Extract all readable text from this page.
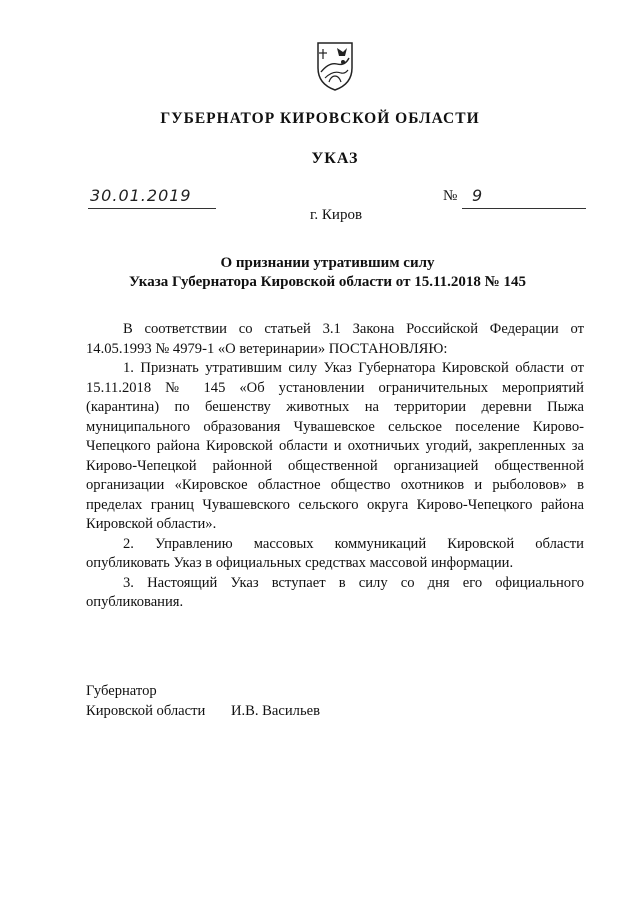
ГУБЕРНАТОР КИРОВСКОЙ ОБЛАСТИ
УКАЗ
30.01.2019	№ 9
г. Киров
О признании утратившим силу
Указа Губернатора Кировской области от 15.11.2018 № 145

В соответствии со статьей 3.1 Закона Российской Федерации от 14.05.1993 № 4979-1 «О ветеринарии» ПОСТАНОВЛЯЮ:

1. Признать утратившим силу Указ Губернатора Кировской области от 15.11.2018 № 145 «Об установлении ограничительных мероприятий (карантина) по бешенству животных на территории деревни Пыжа муниципального образования Чувашевское сельское поселение Кирово-Чепецкого района Кировской области и охотничьих угодий, закрепленных за Кирово-Чепецкой районной общественной организацией общественной организации «Кировское областное общество охотников и рыболовов» в пределах границ Чувашевского сельского округа Кирово-Чепецкого района Кировской области».

2. Управлению массовых коммуникаций Кировской области опубликовать Указ в официальных средствах массовой информации.

3. Настоящий Указ вступает в силу со дня его официального опубликования.

Губернатор
Кировской области И.В. Васильев
